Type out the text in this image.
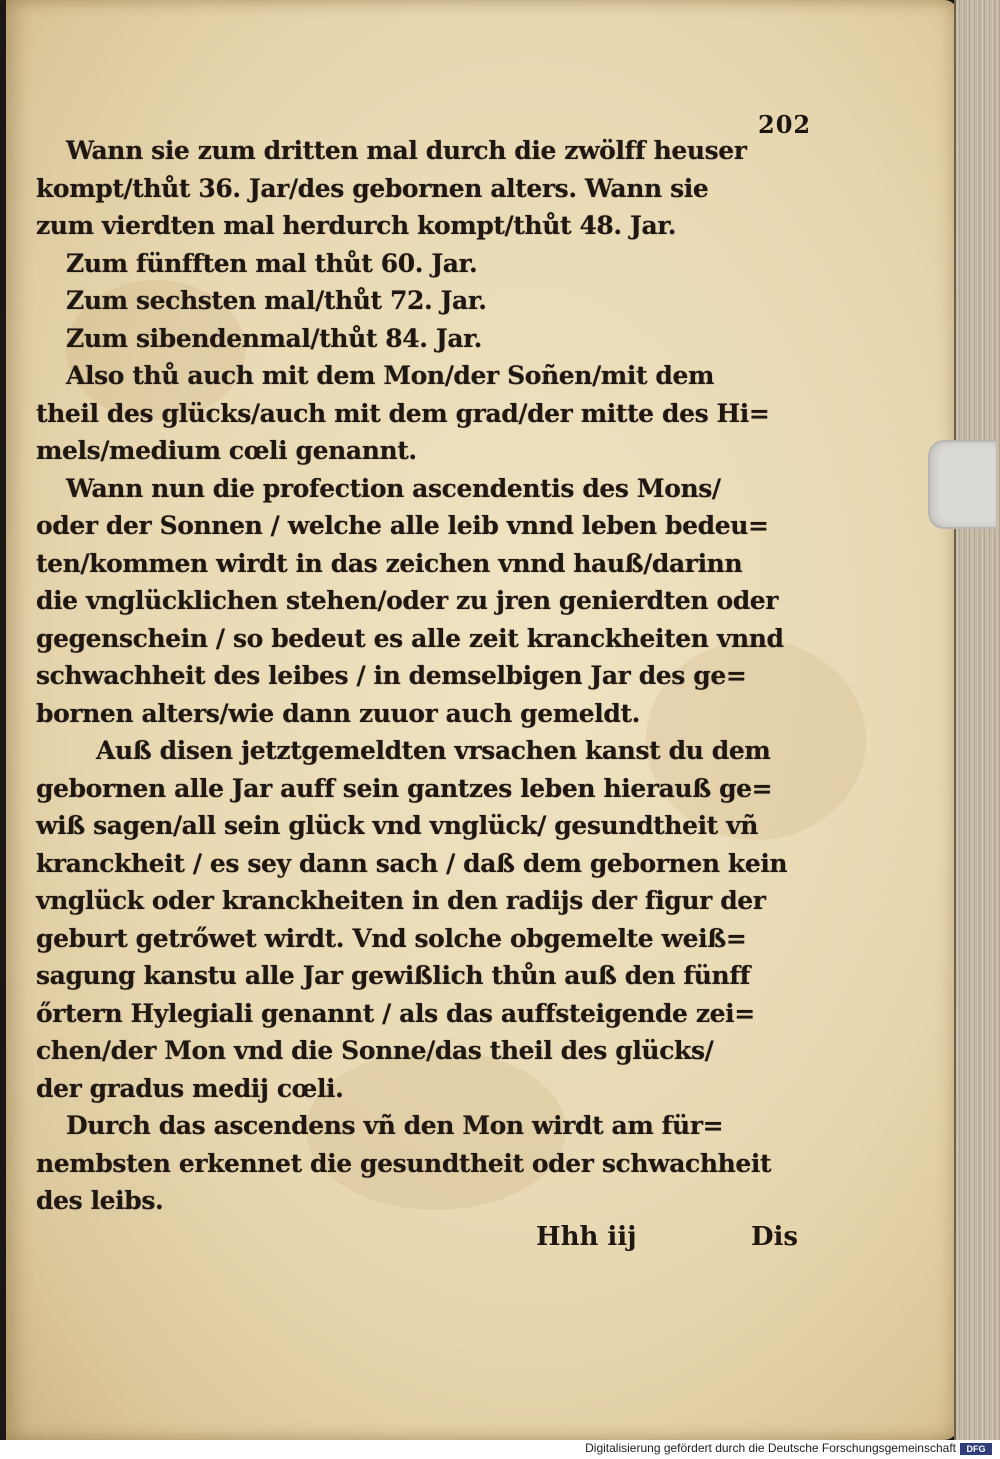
202
Wann sie zum dritten mal durch die zwölff heuser
kompt/thůt 36. Jar/des gebornen alters. Wann sie
zum vierdten mal herdurch kompt/thůt 48. Jar.
Zum fünfften mal thůt 60. Jar.
Zum sechsten mal/thůt 72. Jar.
Zum sibendenmal/thůt 84. Jar.
Also thů auch mit dem Mon/der Soñen/mit dem
theil des glücks/auch mit dem grad/der mitte des Hi=
mels/medium cœli genannt.
Wann nun die profection ascendentis des Mons/
oder der Sonnen / welche alle leib vnnd leben bedeu=
ten/kommen wirdt in das zeichen vnnd hauß/darinn
die vnglücklichen stehen/oder zu jren genierdten oder
gegenschein / so bedeut es alle zeit kranckheiten vnnd
schwachheit des leibes / in demselbigen Jar des ge=
bornen alters/wie dann zuuor auch gemeldt.
Auß disen jetztgemeldten vrsachen kanst du dem
gebornen alle Jar auff sein gantzes leben hierauß ge=
wiß sagen/all sein glück vnd vnglück/ gesundtheit vñ
kranckheit / es sey dann sach / daß dem gebornen kein
vnglück oder kranckheiten in den radijs der figur der
geburt getrőwet wirdt. Vnd solche obgemelte weiß=
sagung kanstu alle Jar gewißlich thůn auß den fünff
őrtern Hylegiali genannt / als das auffsteigende zei=
chen/der Mon vnd die Sonne/das theil des glücks/
der gradus medij cœli.
Durch das ascendens vñ den Mon wirdt am für=
nembsten erkennet die gesundtheit oder schwachheit
des leibs.
Hhh iij	Dis
Digitalisierung gefördert durch die Deutsche Forschungsgemeinschaft	DFG
